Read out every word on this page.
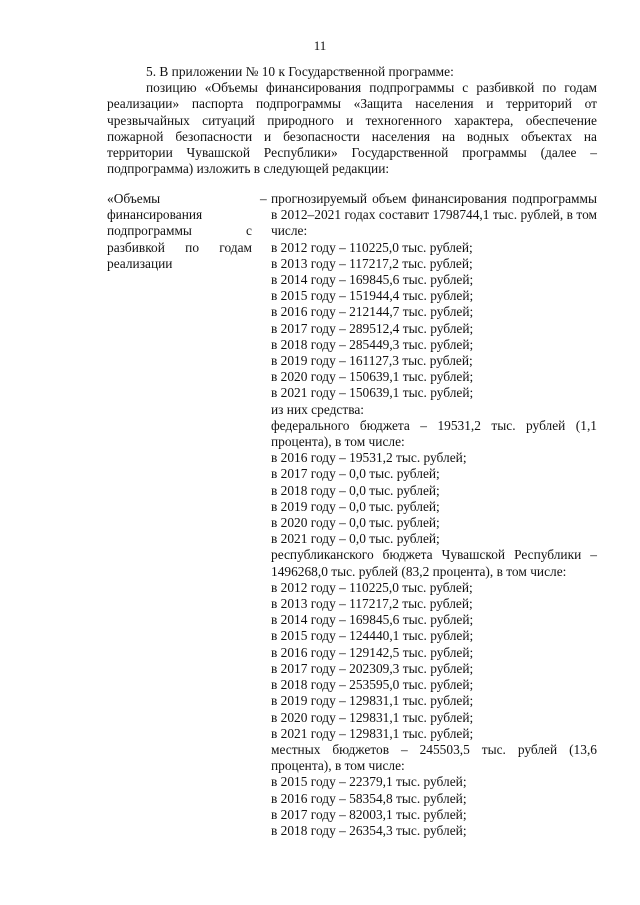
11

5. В приложении № 10 к Государственной программе:

позицию «Объемы финансирования подпрограммы с разбивкой по годам реализации» паспорта подпрограммы «Защита населения и территорий от чрезвычайных ситуаций природного и техногенного характера, обеспечение пожарной безопасности и безопасности населения на водных объектах на территории Чувашской Республики» Государственной программы (далее – подпрограмма) изложить в следующей редакции:

«Объемы финансирования подпрограммы с разбивкой по годам реализации
– прогнозируемый объем финансирования подпрограммы в 2012–2021 годах составит 1798744,1 тыс. рублей, в том числе:
в 2012 году – 110225,0 тыс. рублей;
в 2013 году – 117217,2 тыс. рублей;
в 2014 году – 169845,6 тыс. рублей;
в 2015 году – 151944,4 тыс. рублей;
в 2016 году – 212144,7 тыс. рублей;
в 2017 году – 289512,4 тыс. рублей;
в 2018 году – 285449,3 тыс. рублей;
в 2019 году – 161127,3 тыс. рублей;
в 2020 году – 150639,1 тыс. рублей;
в 2021 году – 150639,1 тыс. рублей;
из них средства:
федерального бюджета – 19531,2 тыс. рублей (1,1 процента), в том числе:
в 2016 году – 19531,2 тыс. рублей;
в 2017 году – 0,0 тыс. рублей;
в 2018 году – 0,0 тыс. рублей;
в 2019 году – 0,0 тыс. рублей;
в 2020 году – 0,0 тыс. рублей;
в 2021 году – 0,0 тыс. рублей;
республиканского бюджета Чувашской Республики – 1496268,0 тыс. рублей (83,2 процента), в том числе:
в 2012 году – 110225,0 тыс. рублей;
в 2013 году – 117217,2 тыс. рублей;
в 2014 году – 169845,6 тыс. рублей;
в 2015 году – 124440,1 тыс. рублей;
в 2016 году – 129142,5 тыс. рублей;
в 2017 году – 202309,3 тыс. рублей;
в 2018 году – 253595,0 тыс. рублей;
в 2019 году – 129831,1 тыс. рублей;
в 2020 году – 129831,1 тыс. рублей;
в 2021 году – 129831,1 тыс. рублей;
местных бюджетов – 245503,5 тыс. рублей (13,6 процента), в том числе:
в 2015 году – 22379,1 тыс. рублей;
в 2016 году – 58354,8 тыс. рублей;
в 2017 году – 82003,1 тыс. рублей;
в 2018 году – 26354,3 тыс. рублей;
